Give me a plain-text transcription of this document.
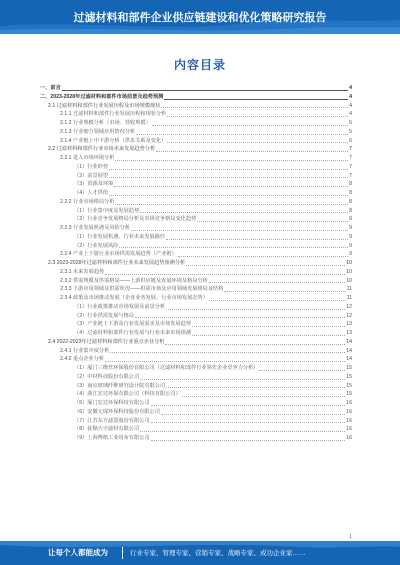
过滤材料和部件企业供应链建设和优化策略研究报告
内容目录
一、前言	4
二、2023-2028年过滤材料和部件市场前景及趋势预测	4
2.1 过滤材料和部件行业发展历程及市场规模现状	4
2.1.1 过滤材料和部件行业发展历程和现状分析	4
2.1.2 行业规模分析（市场、营收规模）	5
2.1.3 行业细分领域应用情况分析	5
2.1.4 产业链上中下游分析（供求关系及变化）	6
2.2 过滤材料和部件行业市场未来发展趋势分析	7
2.2.1 进入市场环境分析	7
（1）行业形势	7
（2）前景展望	7
（3）资源及环境	8
（4）人才供给	8
2.2.2 行业市场格局分析	8
（1）行业集中度及发展趋势	8
（2）行业竞争发展格局分析及市场竞争格局变化趋势	9
2.2.3 行业发展机遇及风险分析	9
（1）行业发展机遇、行业未来发展路径	9
（2）行业发展风险	9
2.2.4 产业上下游行业市场供需发展趋势（产业链）	9
2.3 2023-2028年过滤材料和部件行业未来发展趋势预测分析	10
2.3.1 未来发展趋势	10
2.3.2 供需规模及供需格局——上游供应链及发展环境及格局分析	10
2.3.3 下游应用领域及供需状况——供需市场及应用领域发展格局及结构	11
2.3.4 政策及市场推动发展（企业业务发展、行业市场发展态势）	11
（1）行业政策推动市场发展及前景分析	12
（2）行业供需发展与格局	12
（3）产业链上下游及行业发展需求及市场发展趋势	13
（4）过滤材料和部件行业发展与行业未来市场预测	13
2.4 2022-2023年过滤材料和部件行业重点企业分析	14
2.4.1 行业集中度分析	14
2.4.2 重点企业分析	14
（1）厦门三维丝环保股份有限公司（过滤材料和部件行业领先企业竞争力分析）	15
（2）中材科技股份有限公司	15
（3）南京玻璃纤维研究设计院有限公司	15
（4）浙江宏达环保有限公司（科技有限公司）	15
（5）厦门宏达环保科技有限公司	16
（6）安徽元琛环保科技股份有限公司	16
（7）江苏东方滤袋股份有限公司	16
（8）抚顺天宇滤材有限公司	16
（9）上海博格工业用布有限公司	16
1
让每个人都能成为	行业专家、管理专家、营销专家、战略专家、成功企业家……
